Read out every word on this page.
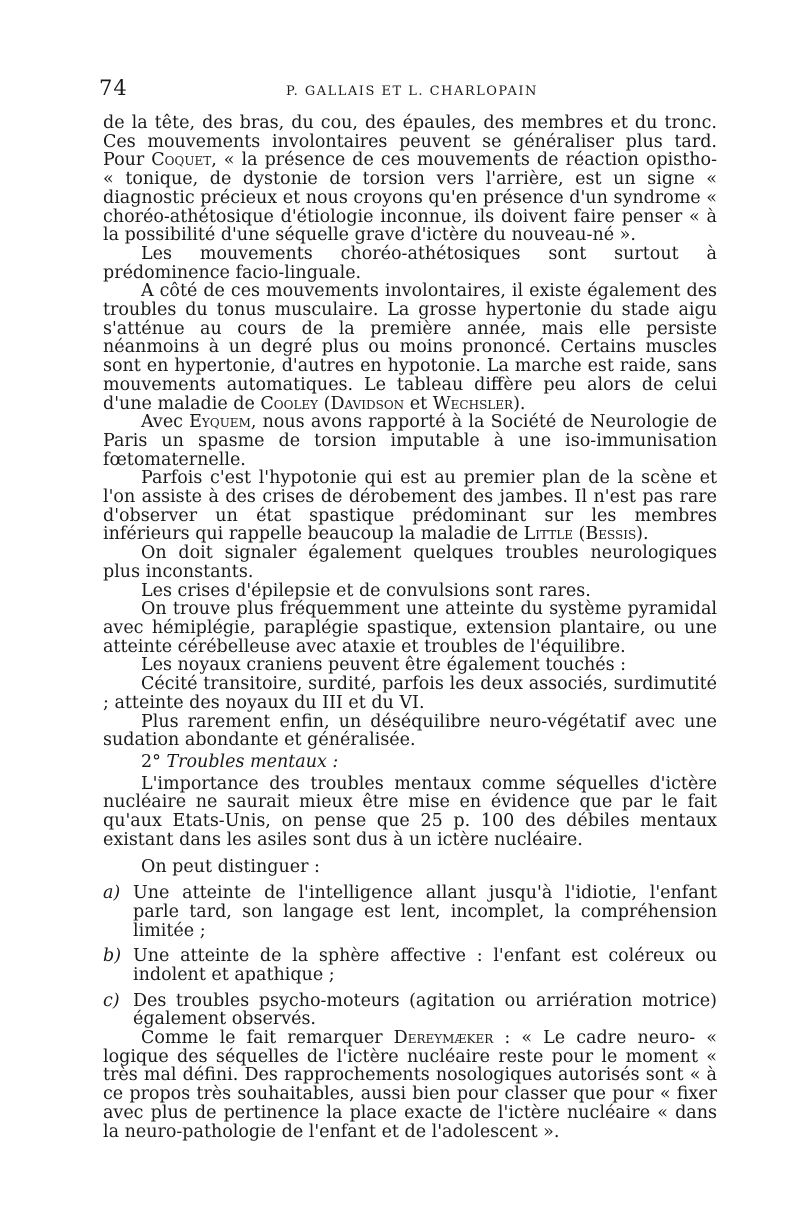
74	P. GALLAIS ET L. CHARLOPAIN

de la tête, des bras, du cou, des épaules, des membres et du tronc. Ces mouvements involontaires peuvent se généraliser plus tard. Pour Coquet, « la présence de ces mouvements de réaction opistho- « tonique, de dystonie de torsion vers l'arrière, est un signe « diagnostic précieux et nous croyons qu'en présence d'un syndrome « choréo-athétosique d'étiologie inconnue, ils doivent faire penser « à la possibilité d'une séquelle grave d'ictère du nouveau-né ».

Les mouvements choréo-athétosiques sont surtout à prédominence facio-linguale.

A côté de ces mouvements involontaires, il existe également des troubles du tonus musculaire. La grosse hypertonie du stade aigu s'atténue au cours de la première année, mais elle persiste néanmoins à un degré plus ou moins prononcé. Certains muscles sont en hypertonie, d'autres en hypotonie. La marche est raide, sans mouvements automatiques. Le tableau diffère peu alors de celui d'une maladie de Cooley (Davidson et Wechsler).

Avec Eyquem, nous avons rapporté à la Société de Neurologie de Paris un spasme de torsion imputable à une iso-immunisation fœtomaternelle.

Parfois c'est l'hypotonie qui est au premier plan de la scène et l'on assiste à des crises de dérobement des jambes. Il n'est pas rare d'observer un état spastique prédominant sur les membres inférieurs qui rappelle beaucoup la maladie de Little (Bessis).

On doit signaler également quelques troubles neurologiques plus inconstants.

Les crises d'épilepsie et de convulsions sont rares.

On trouve plus fréquemment une atteinte du système pyramidal avec hémiplégie, paraplégie spastique, extension plantaire, ou une atteinte cérébelleuse avec ataxie et troubles de l'équilibre.

Les noyaux craniens peuvent être également touchés :

Cécité transitoire, surdité, parfois les deux associés, surdimutité ; atteinte des noyaux du III et du VI.

Plus rarement enfin, un déséquilibre neuro-végétatif avec une sudation abondante et généralisée.

2° Troubles mentaux :

L'importance des troubles mentaux comme séquelles d'ictère nucléaire ne saurait mieux être mise en évidence que par le fait qu'aux Etats-Unis, on pense que 25 p. 100 des débiles mentaux existant dans les asiles sont dus à un ictère nucléaire.

On peut distinguer :

a) Une atteinte de l'intelligence allant jusqu'à l'idiotie, l'enfant parle tard, son langage est lent, incomplet, la compréhension limitée ;

b) Une atteinte de la sphère affective : l'enfant est coléreux ou indolent et apathique ;

c) Des troubles psycho-moteurs (agitation ou arriération motrice) également observés.

Comme le fait remarquer Dereymæker : « Le cadre neuro- « logique des séquelles de l'ictère nucléaire reste pour le moment « très mal défini. Des rapprochements nosologiques autorisés sont « à ce propos très souhaitables, aussi bien pour classer que pour « fixer avec plus de pertinence la place exacte de l'ictère nucléaire « dans la neuro-pathologie de l'enfant et de l'adolescent ».
